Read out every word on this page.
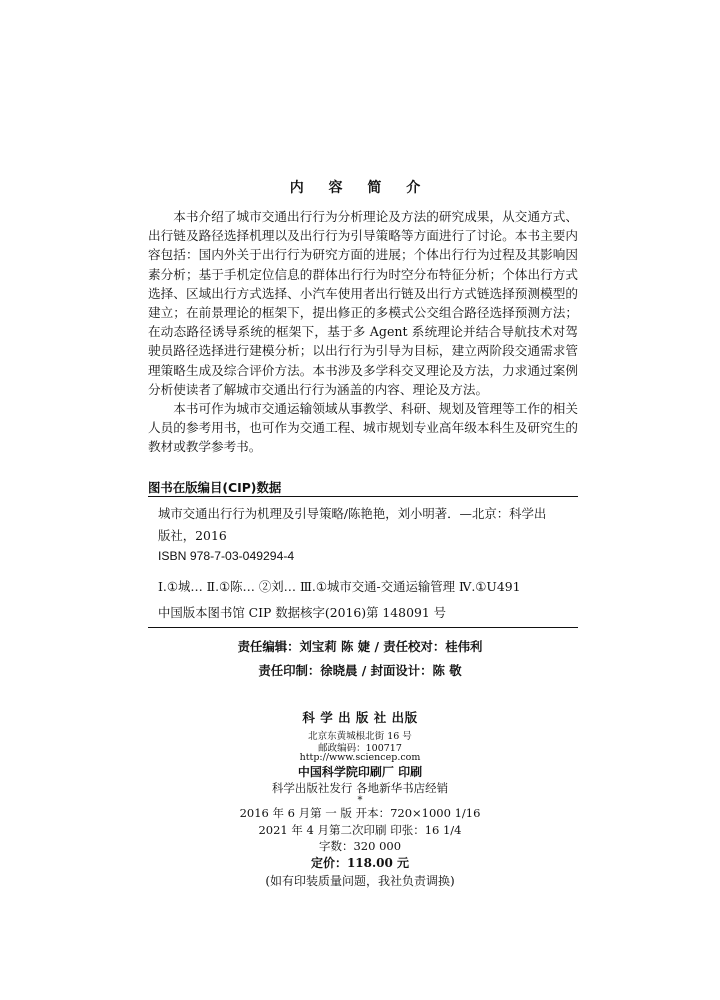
内 容 简 介

本书介绍了城市交通出行行为分析理论及方法的研究成果，从交通方式、出行链及路径选择机理以及出行行为引导策略等方面进行了讨论。本书主要内容包括：国内外关于出行行为研究方面的进展；个体出行行为过程及其影响因素分析；基于手机定位信息的群体出行行为时空分布特征分析；个体出行方式选择、区域出行方式选择、小汽车使用者出行链及出行方式链选择预测模型的建立；在前景理论的框架下，提出修正的多模式公交组合路径选择预测方法；在动态路径诱导系统的框架下，基于多 Agent 系统理论并结合导航技术对驾驶员路径选择进行建模分析；以出行行为引导为目标，建立两阶段交通需求管理策略生成及综合评价方法。本书涉及多学科交叉理论及方法，力求通过案例分析使读者了解城市交通出行行为涵盖的内容、理论及方法。

本书可作为城市交通运输领域从事教学、科研、规划及管理等工作的相关人员的参考用书，也可作为交通工程、城市规划专业高年级本科生及研究生的教材或教学参考书。

图书在版编目(CIP)数据
城市交通出行行为机理及引导策略/陈艳艳，刘小明著．—北京：科学出
版社，2016
ISBN 978-7-03-049294-4
Ⅰ.①城… Ⅱ.①陈… ②刘… Ⅲ.①城市交通-交通运输管理 Ⅳ.①U491
中国版本图书馆 CIP 数据核字(2016)第 148091 号
责任编辑：刘宝莉 陈 婕 / 责任校对：桂伟利
责任印制：徐晓晨 / 封面设计：陈 敬
科 学 出 版 社 出版
北京东黄城根北街 16 号
邮政编码：100717
http://www.sciencep.com
中国科学院印刷厂 印刷
科学出版社发行 各地新华书店经销
*
2016 年 6 月第 一 版 开本：720×1000 1/16
2021 年 4 月第二次印刷 印张：16 1/4
字数：320 000
定价：118.00 元
(如有印装质量问题，我社负责调换)
